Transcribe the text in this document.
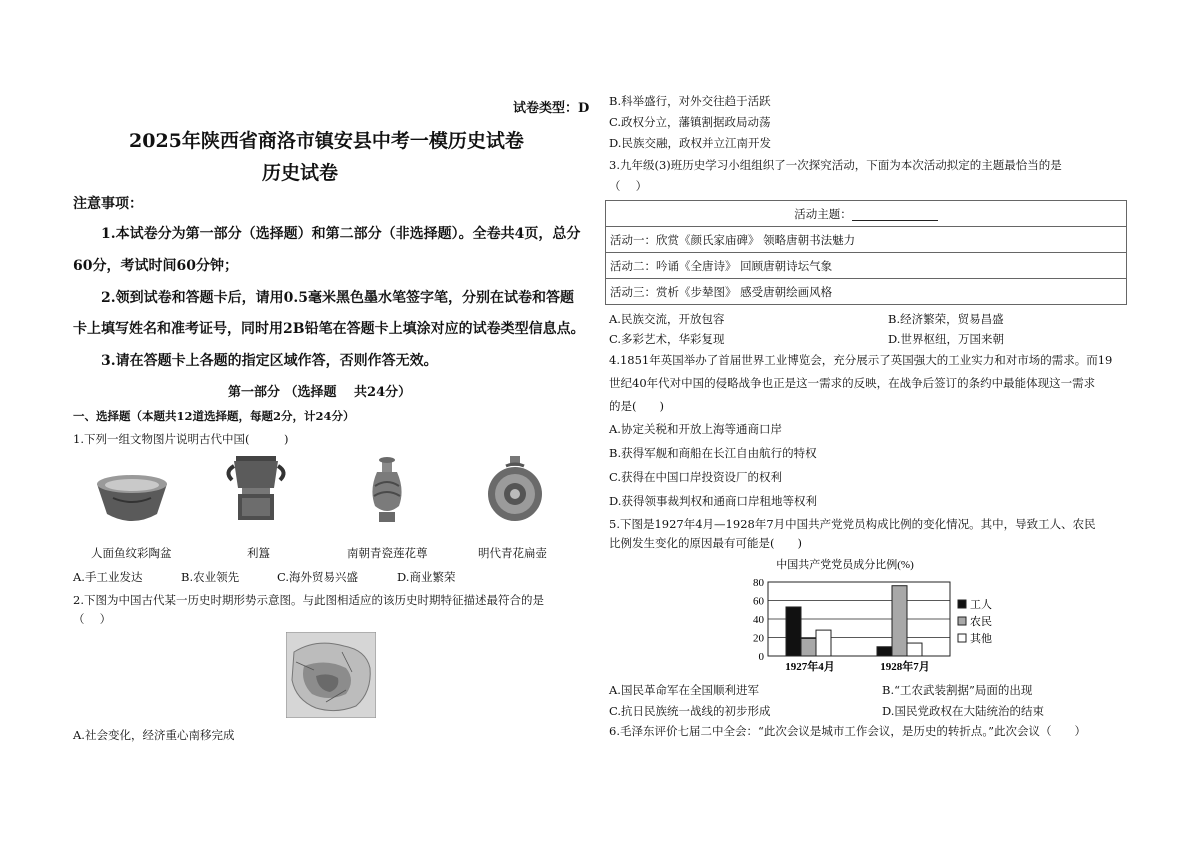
试卷类型：D
2025年陕西省商洛市镇安县中考一模历史试卷
历史试卷
注意事项：
1.本试卷分为第一部分（选择题）和第二部分（非选择题）。全卷共4页，总分
60分，考试时间60分钟；
2.领到试卷和答题卡后，请用0.5毫米黑色墨水笔签字笔，分别在试卷和答题
卡上填写姓名和准考证号，同时用2B铅笔在答题卡上填涂对应的试卷类型信息点。
3.请在答题卡上各题的指定区域作答，否则作答无效。
第一部分 （选择题　 共24分）
一、选择题（本题共12道选择题，每题2分，计24分）
1.下列一组文物图片说明古代中国(　　　)
人面鱼纹彩陶盆	利簋	南朝青瓷莲花尊	明代青花扁壶
A.手工业发达	B.农业领先	C.海外贸易兴盛	D.商业繁荣
2.下图为中国古代某一历史时期形势示意图。与此图相适应的该历史时期特征描述最符合的是
（　 ）
A.社会变化，经济重心南移完成
B.科举盛行，对外交往趋于活跃
C.政权分立，藩镇割据政局动荡
D.民族交融，政权并立江南开发
3.九年级(3)班历史学习小组组织了一次探究活动，下面为本次活动拟定的主题最恰当的是
（　 ）
活动主题：
活动一：欣赏《颜氏家庙碑》 领略唐朝书法魅力
活动二：吟诵《全唐诗》 回顾唐朝诗坛气象
活动三：赏析《步辇图》 感受唐朝绘画风格
A.民族交流，开放包容	B.经济繁荣，贸易昌盛
C.多彩艺术，华彩复现	D.世界枢纽，万国来朝
4.1851年英国举办了首届世界工业博览会，充分展示了英国强大的工业实力和对市场的需求。而19
世纪40年代对中国的侵略战争也正是这一需求的反映，在战争后签订的条约中最能体现这一需求
的是(　　)
A.协定关税和开放上海等通商口岸
B.获得军舰和商船在长江自由航行的特权
C.获得在中国口岸投资设厂的权利
D.获得领事裁判权和通商口岸租地等权利
5.下图是1927年4月—1928年7月中国共产党党员构成比例的变化情况。其中，导致工人、农民
比例发生变化的原因最有可能是(　　)
中国共产党党员成分比例(%)
0
20
40
60
80
1927年4月	1928年7月
工人
农民
其他
A.国民革命军在全国顺利进军	B.“工农武装割据”局面的出现
C.抗日民族统一战线的初步形成	D.国民党政权在大陆统治的结束
6.毛泽东评价七届二中全会：“此次会议是城市工作会议，是历史的转折点。”此次会议（　　）
